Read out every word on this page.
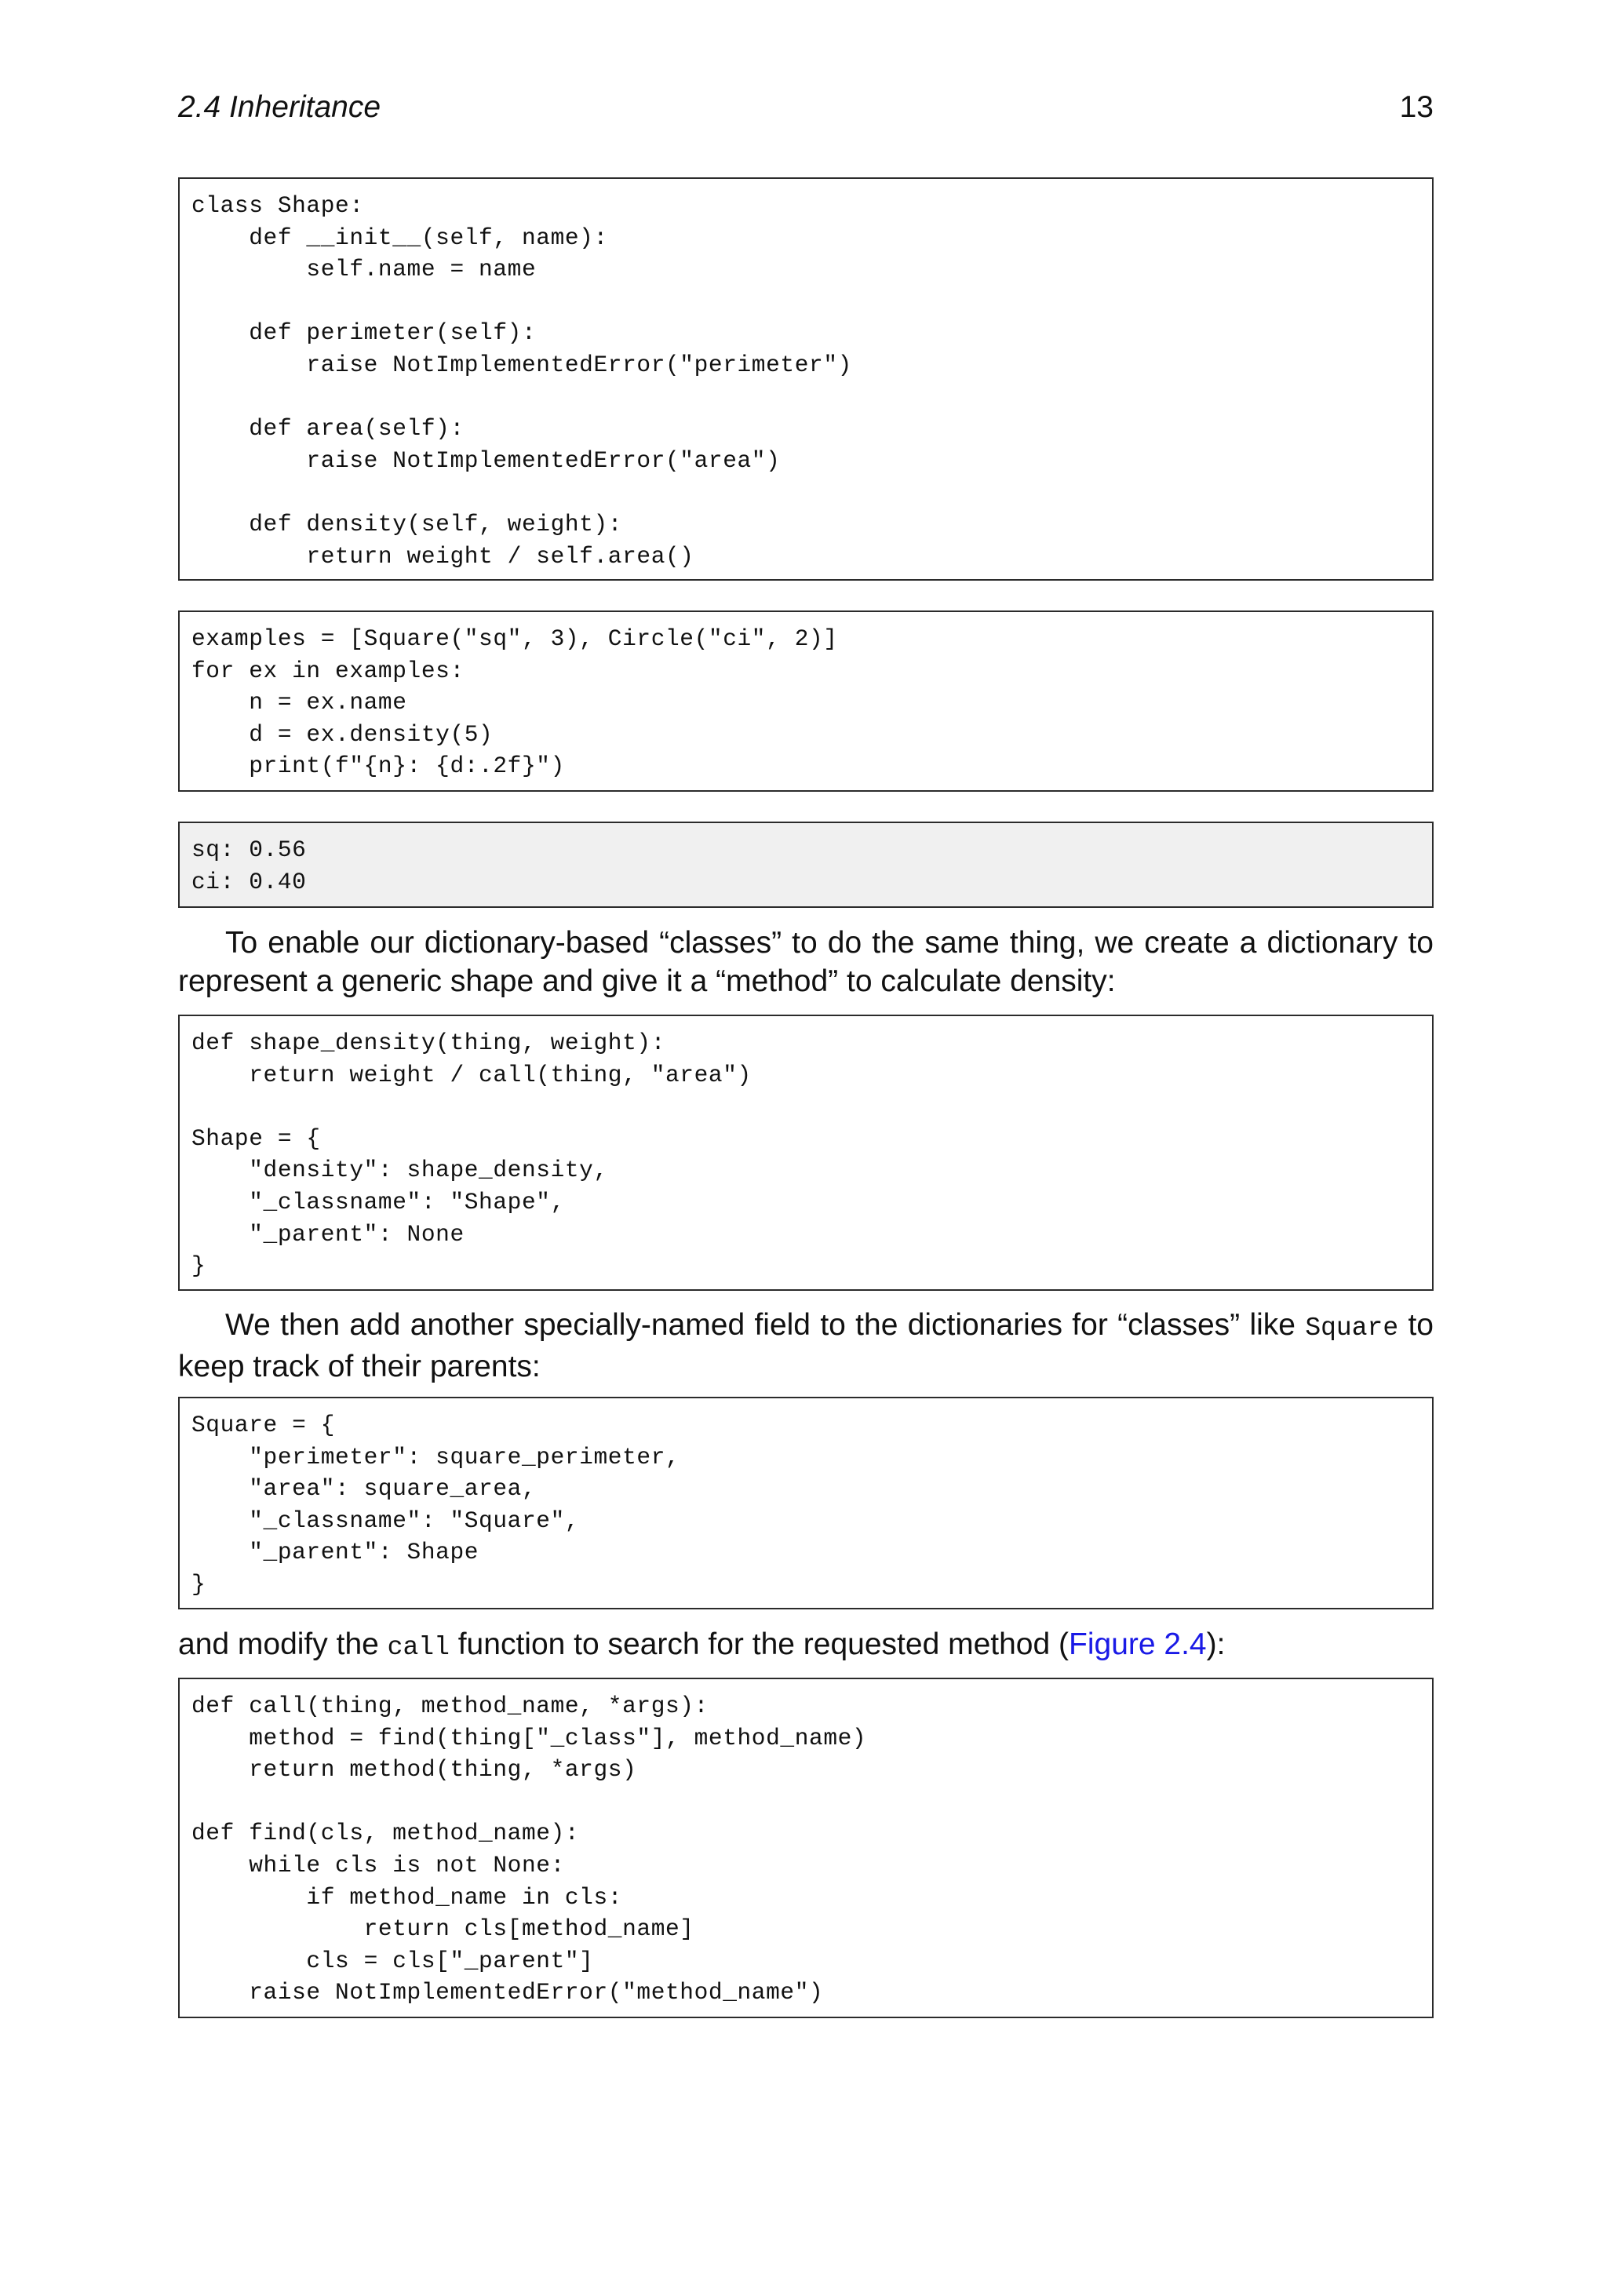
2.4 Inheritance	13
class Shape:
def __init__(self, name):
self.name = name

def perimeter(self):
raise NotImplementedError("perimeter")

def area(self):
raise NotImplementedError("area")

def density(self, weight):
return weight / self.area()
examples = [Square("sq", 3), Circle("ci", 2)]
for ex in examples:
n = ex.name
d = ex.density(5)
print(f"{n}: {d:.2f}")
sq: 0.56
ci: 0.40

To enable our dictionary-based “classes” to do the same thing, we create a dictionary to represent a generic shape and give it a “method” to calculate density:

def shape_density(thing, weight):
return weight / call(thing, "area")

Shape = {
"density": shape_density,
"_classname": "Shape",
"_parent": None
}

We then add another specially-named field to the dictionaries for “classes” like Square to keep track of their parents:

Square = {
"perimeter": square_perimeter,
"area": square_area,
"_classname": "Square",
"_parent": Shape
}

and modify the call function to search for the requested method (Figure 2.4):

def call(thing, method_name, *args):
method = find(thing["_class"], method_name)
return method(thing, *args)

def find(cls, method_name):
while cls is not None:
if method_name in cls:
return cls[method_name]
cls = cls["_parent"]
raise NotImplementedError("method_name")
